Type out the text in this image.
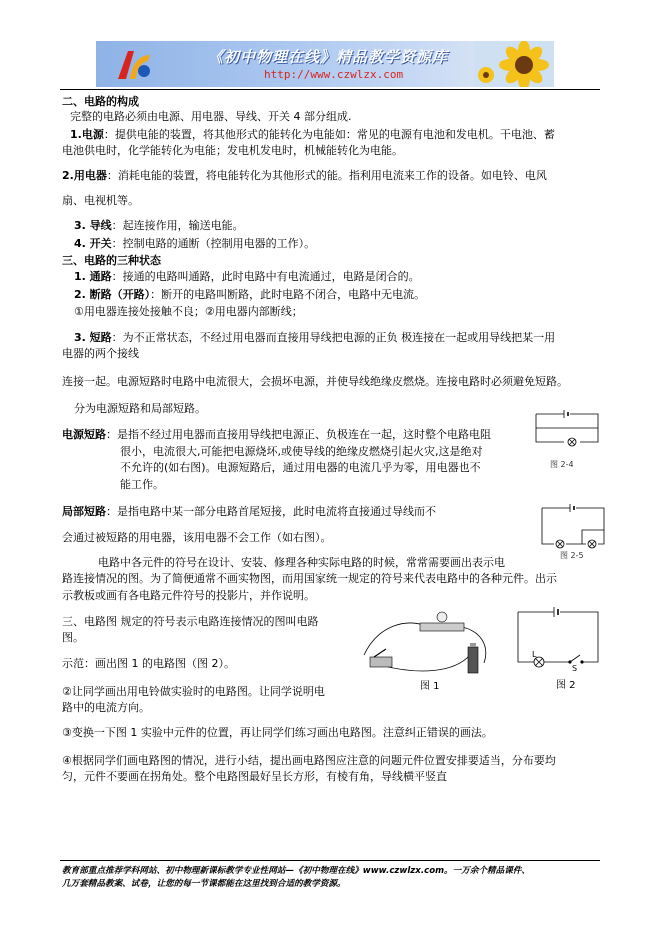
《初中物理在线》精品教学资源库
http://www.czwlzx.com
二、电路的构成
完整的电路必须由电源、用电器、导线、开关 4 部分组成.
1.电源：提供电能的装置，将其他形式的能转化为电能如：常见的电源有电池和发电机。干电池、蓄
电池供电时，化学能转化为电能；发电机发电时，机械能转化为电能。
2.用电器：消耗电能的装置，将电能转化为其他形式的能。指利用电流来工作的设备。如电铃、电风
扇、电视机等。
3. 导线：起连接作用，输送电能。
4. 开关：控制电路的通断（控制用电器的工作）。
三、电路的三种状态
1. 通路：接通的电路叫通路，此时电路中有电流通过，电路是闭合的。
2. 断路（开路）：断开的电路叫断路，此时电路不闭合，电路中无电流。
①用电器连接处接触不良；②用电器内部断线；
3. 短路：为不正常状态，不经过用电器而直接用导线把电源的正负 极连接在一起或用导线把某一用
电器的两个接线
连接一起。电源短路时电路中电流很大，会损坏电源，并使导线绝缘皮燃烧。连接电路时必须避免短路。
分为电源短路和局部短路。
电源短路：是指不经过用电器而直接用导线把电源正、负极连在一起，这时整个电路电阻
很小，电流很大,可能把电源烧坏,或使导线的绝缘皮燃烧引起火灾,这是绝对
不允许的(如右图)。电源短路后，通过用电器的电流几乎为零，用电器也不
能工作。
图 2-4
局部短路：是指电路中某一部分电路首尾短接，此时电流将直接通过导线而不
会通过被短路的用电器，该用电器不会工作（如右图）。
图 2-5
电路中各元件的符号在设计、安装、修理各种实际电路的时候，常常需要画出表示电
路连接情况的图。为了简便通常不画实物图，而用国家统一规定的符号来代表电路中的各种元件。出示
示教板或画有各电路元件符号的投影片，并作说明。
三、电路图 规定的符号表示电路连接情况的图叫电路
图。
示范：画出图 1 的电路图（图 2）。
②让同学画出用电铃做实验时的电路图。让同学说明电
路中的电流方向。
③变换一下图 1 实验中元件的位置，再让同学们练习画出电路图。注意纠正错误的画法。
④根据同学们画电路图的情况，进行小结，提出画电路图应注意的问题元件位置安排要适当，分布要均
匀，元件不要画在拐角处。整个电路图最好呈长方形，有棱有角，导线横平竖直
图 1
L
S
图 2
教育部重点推荐学科网站、初中物理新课标教学专业性网站—《初中物理在线》www.czwlzx.com。一万余个精品课件、
几万套精品教案、试卷，让您的每一节课都能在这里找到合适的教学资源。
